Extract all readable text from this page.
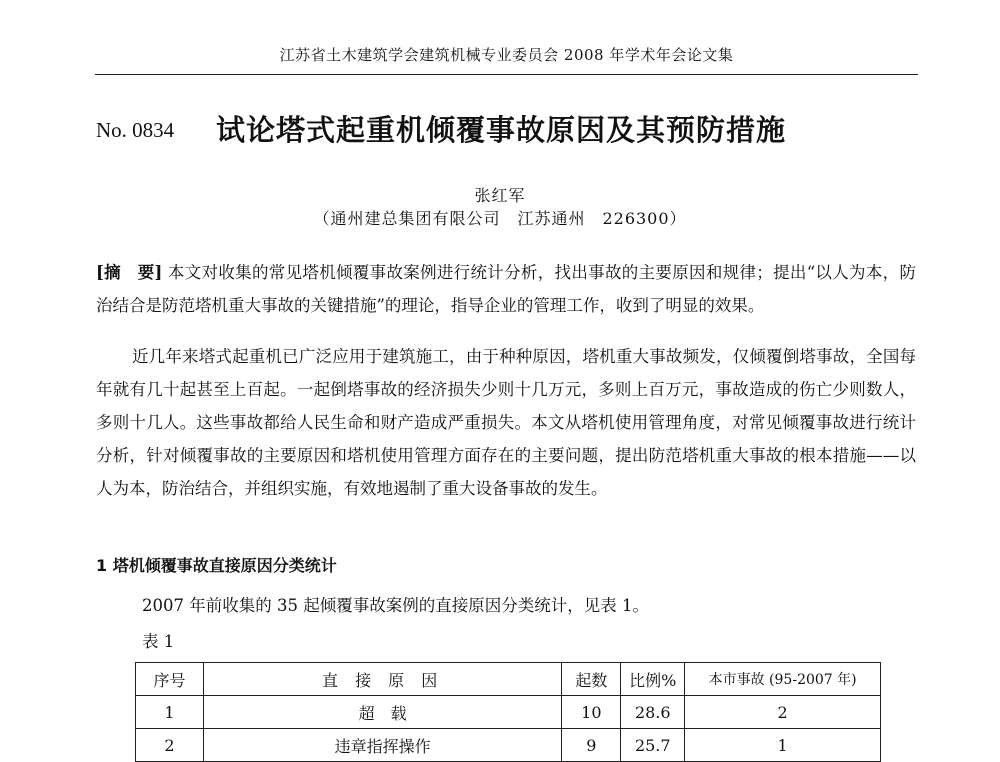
江苏省土木建筑学会建筑机械专业委员会 2008 年学术年会论文集
No. 0834 试论塔式起重机倾覆事故原因及其预防措施
张红军
（通州建总集团有限公司　江苏通州　226300）
[摘　要] 本文对收集的常见塔机倾覆事故案例进行统计分析，找出事故的主要原因和规律；提出“以人为本，防治结合是防范塔机重大事故的关键措施”的理论，指导企业的管理工作，收到了明显的效果。
近几年来塔式起重机已广泛应用于建筑施工，由于种种原因，塔机重大事故频发，仅倾覆倒塔事故，全国每年就有几十起甚至上百起。一起倒塔事故的经济损失少则十几万元，多则上百万元，事故造成的伤亡少则数人，多则十几人。这些事故都给人民生命和财产造成严重损失。本文从塔机使用管理角度，对常见倾覆事故进行统计分析，针对倾覆事故的主要原因和塔机使用管理方面存在的主要问题，提出防范塔机重大事故的根本措施——以人为本，防治结合，并组织实施，有效地遏制了重大设备事故的发生。
1 塔机倾覆事故直接原因分类统计
2007 年前收集的 35 起倾覆事故案例的直接原因分类统计，见表 1。
表 1
序号	直 接 原 因	起数	比例%	本市事故 (95-2007 年)
1	超　载	10	28.6	2
2	违章指挥操作	9	25.7	1
